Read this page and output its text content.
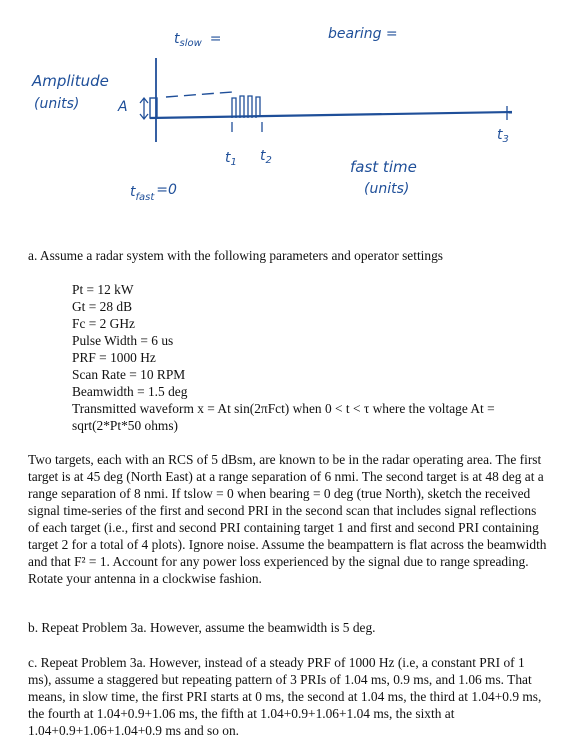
$t_{slow}$ =	bearing =
Amplitude
(units)	A
$t_1$ $t_2$
$t_3$
fast time
(units)
$t_{fast} =0$
a. Assume a radar system with the following parameters and operator settings
Pt = 12 kW
Gt = 28 dB
Fc = 2 GHz
Pulse Width = 6 us
PRF = 1000 Hz
Scan Rate = 10 RPM
Beamwidth = 1.5 deg
Transmitted waveform x = At sin(2πFct) when 0 < t < τ where the voltage At = sqrt(2*Pt*50 ohms)
Two targets, each with an RCS of 5 dBsm, are known to be in the radar operating area. The first target is at 45 deg (North East) at a range separation of 6 nmi. The second target is at 48 deg at a range separation of 8 nmi. If tslow = 0 when bearing = 0 deg (true North), sketch the received signal time-series of the first and second PRI in the second scan that includes signal reflections of each target (i.e., first and second PRI containing target 1 and first and second PRI containing target 2 for a total of 4 plots). Ignore noise. Assume the beampattern is flat across the beamwidth and that F² = 1. Account for any power loss experienced by the signal due to range spreading. Rotate your antenna in a clockwise fashion.
b. Repeat Problem 3a. However, assume the beamwidth is 5 deg.
c. Repeat Problem 3a. However, instead of a steady PRF of 1000 Hz (i.e, a constant PRI of 1 ms), assume a staggered but repeating pattern of 3 PRIs of 1.04 ms, 0.9 ms, and 1.06 ms. That means, in slow time, the first PRI starts at 0 ms, the second at 1.04 ms, the third at 1.04+0.9 ms, the fourth at 1.04+0.9+1.06 ms, the fifth at 1.04+0.9+1.06+1.04 ms, the sixth at 1.04+0.9+1.06+1.04+0.9 ms and so on.
